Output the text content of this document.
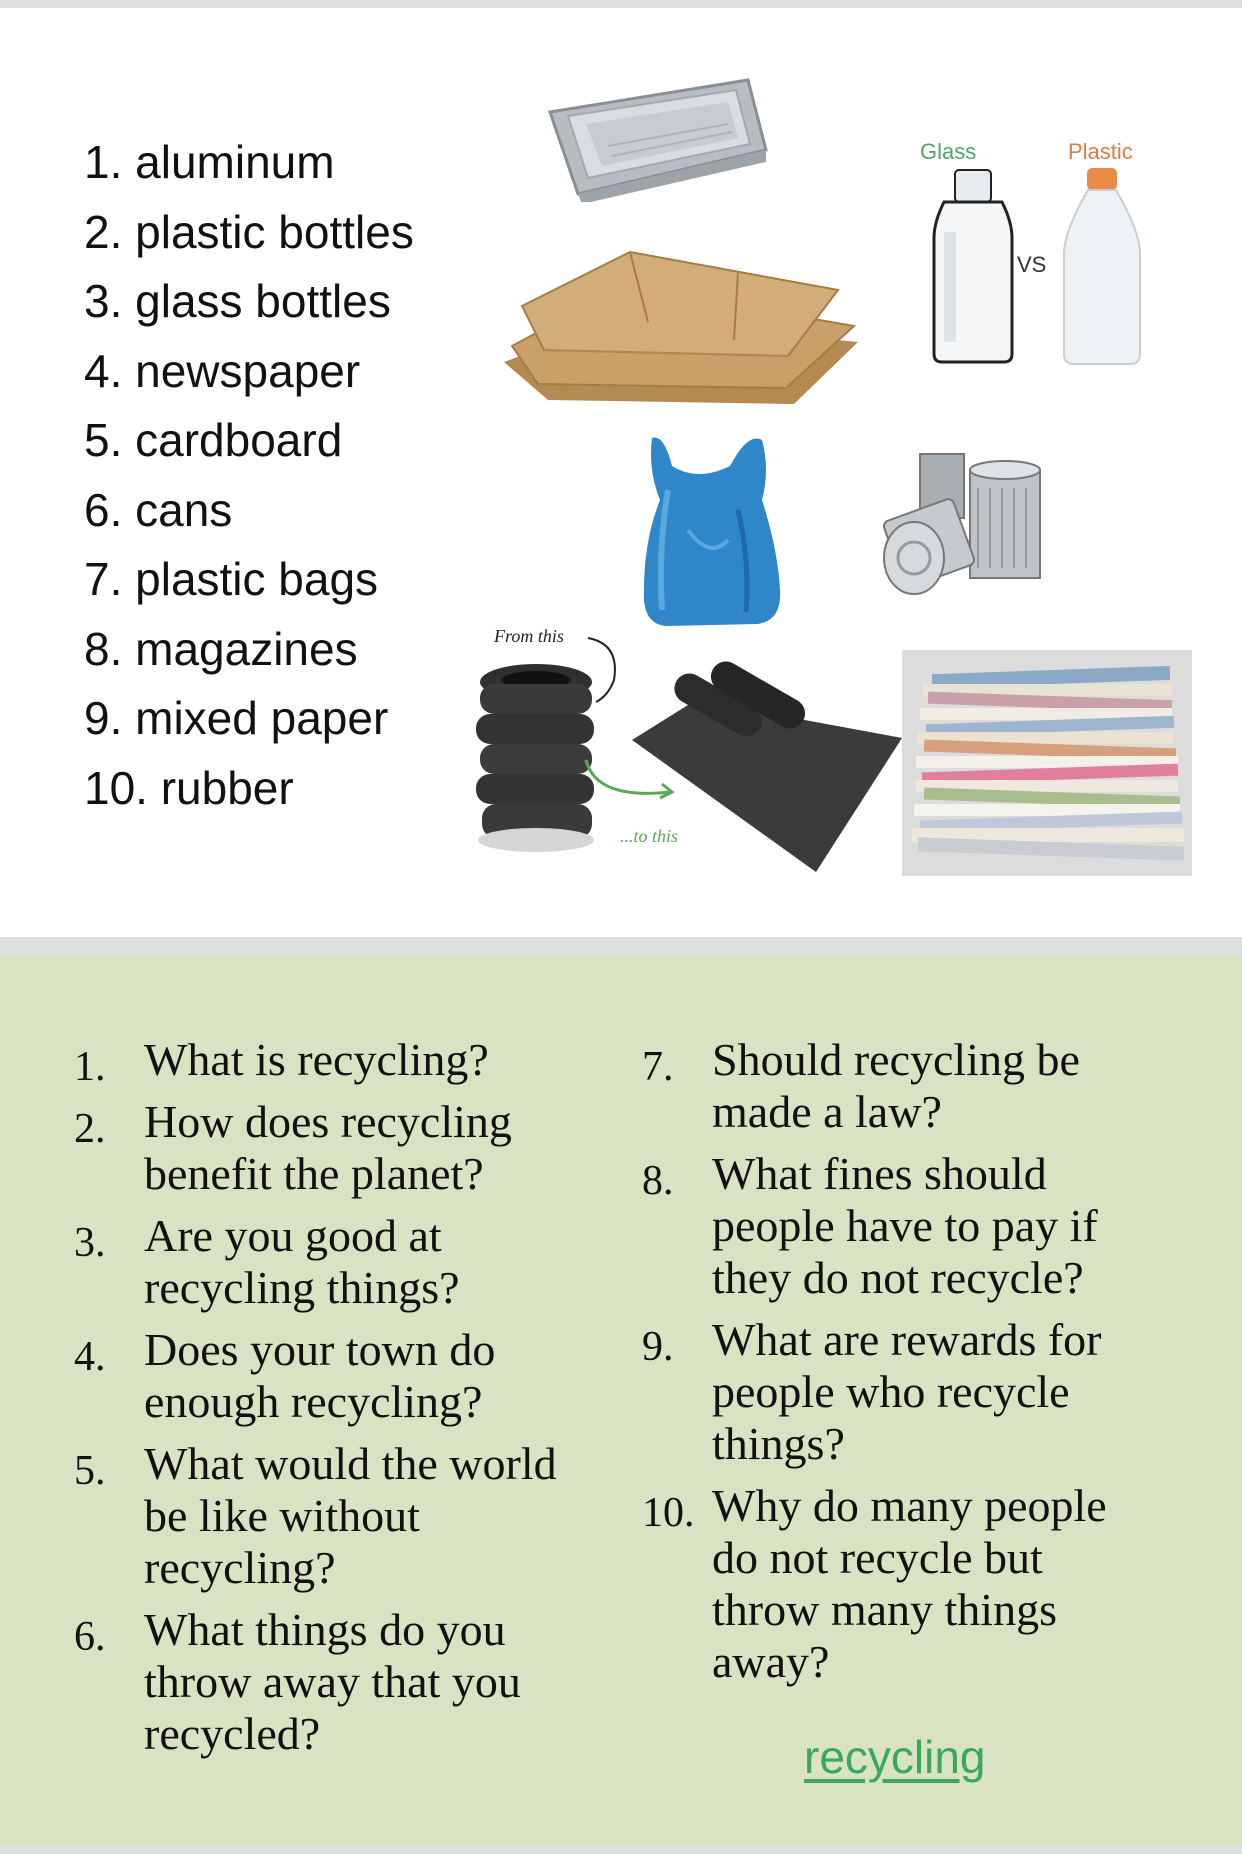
1. aluminum
2. plastic bottles
3. glass bottles
4. newspaper
5. cardboard
6. cans
7. plastic bags
8. magazines
9. mixed paper
10. rubber
Glass	Plastic
VS
From this
...to this
1. What is recycling?
2. How does recycling
benefit the planet?
3. Are you good at
recycling things?
4. Does your town do
enough recycling?
5. What would the world
be like without
recycling?
6. What things do you
throw away that you
recycled?
7. Should recycling be
made a law?
8. What fines should
people have to pay if
they do not recycle?
9. What are rewards for
people who recycle
things?
10. Why do many people
do not recycle but
throw many things
away?
recycling
